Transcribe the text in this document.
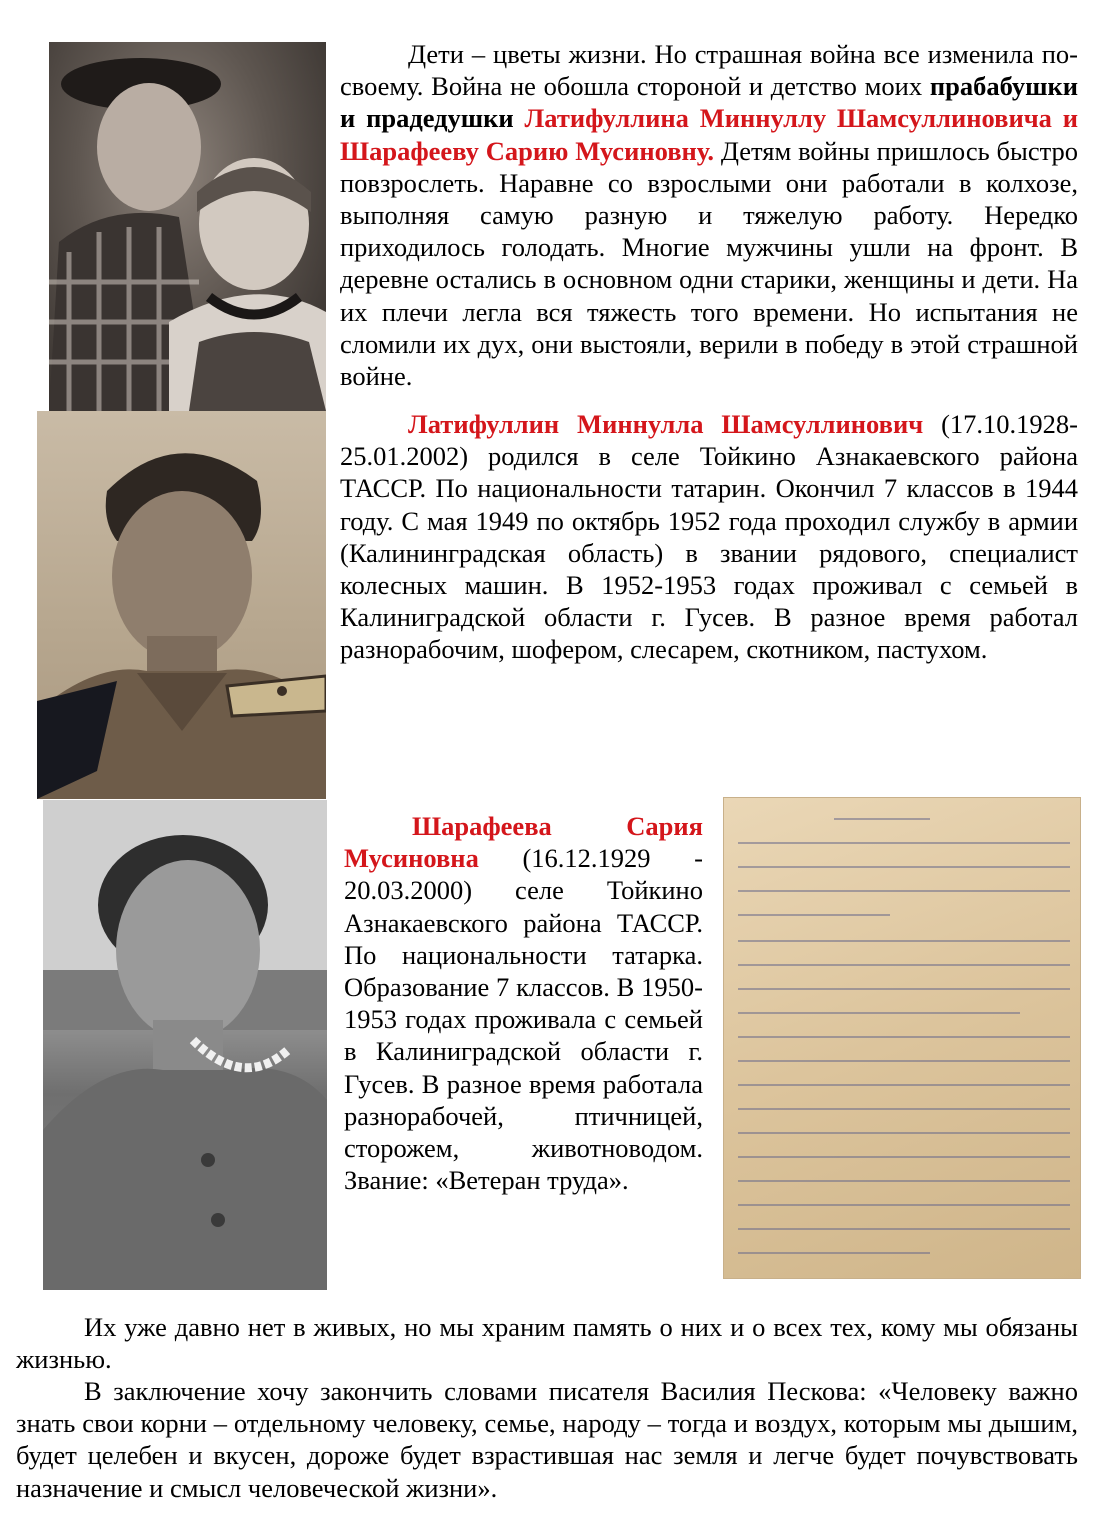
Дети – цветы жизни. Но страшная война все изменила по-своему. Война не обошла стороной и детство моих прабабушки и прадедушки Латифуллина Миннуллу Шамсуллиновича и Шарафееву Сарию Мусиновну. Детям войны пришлось быстро повзрослеть. Наравне со взрослыми они работали в колхозе, выполняя самую разную и тяжелую работу. Нередко приходилось голодать. Многие мужчины ушли на фронт. В деревне остались в основном одни старики, женщины и дети. На их плечи легла вся тяжесть того времени. Но испытания не сломили их дух, они выстояли, верили в победу в этой страшной войне.

Латифуллин Миннулла Шамсуллинович (17.10.1928-25.01.2002) родился в селе Тойкино Азнакаевского района ТАССР. По национальности татарин. Окончил 7 классов в 1944 году. С мая 1949 по октябрь 1952 года проходил службу в армии (Калининградская область) в звании рядового, специалист колесных машин. В 1952-1953 годах проживал с семьей в Калиниградской области г. Гусев. В разное время работал разнорабочим, шофером, слесарем, скотником, пастухом.

Шарафеева Сария Мусиновна (16.12.1929 - 20.03.2000) селе Тойкино Азнакаевского района ТАССР. По национальности татарка. Образование 7 классов. В 1950-1953 годах проживала с семьей в Калиниградской области г. Гусев. В разное время работала разнорабочей, птичницей, сторожем, животноводом. Звание: «Ветеран труда».

Их уже давно нет в живых, но мы храним память о них и о всех тех, кому мы обязаны жизнью.

В заключение хочу закончить словами писателя Василия Пескова: «Человеку важно знать свои корни – отдельному человеку, семье, народу – тогда и воздух, которым мы дышим, будет целебен и вкусен, дороже будет взрастившая нас земля и легче будет почувствовать назначение и смысл человеческой жизни».
